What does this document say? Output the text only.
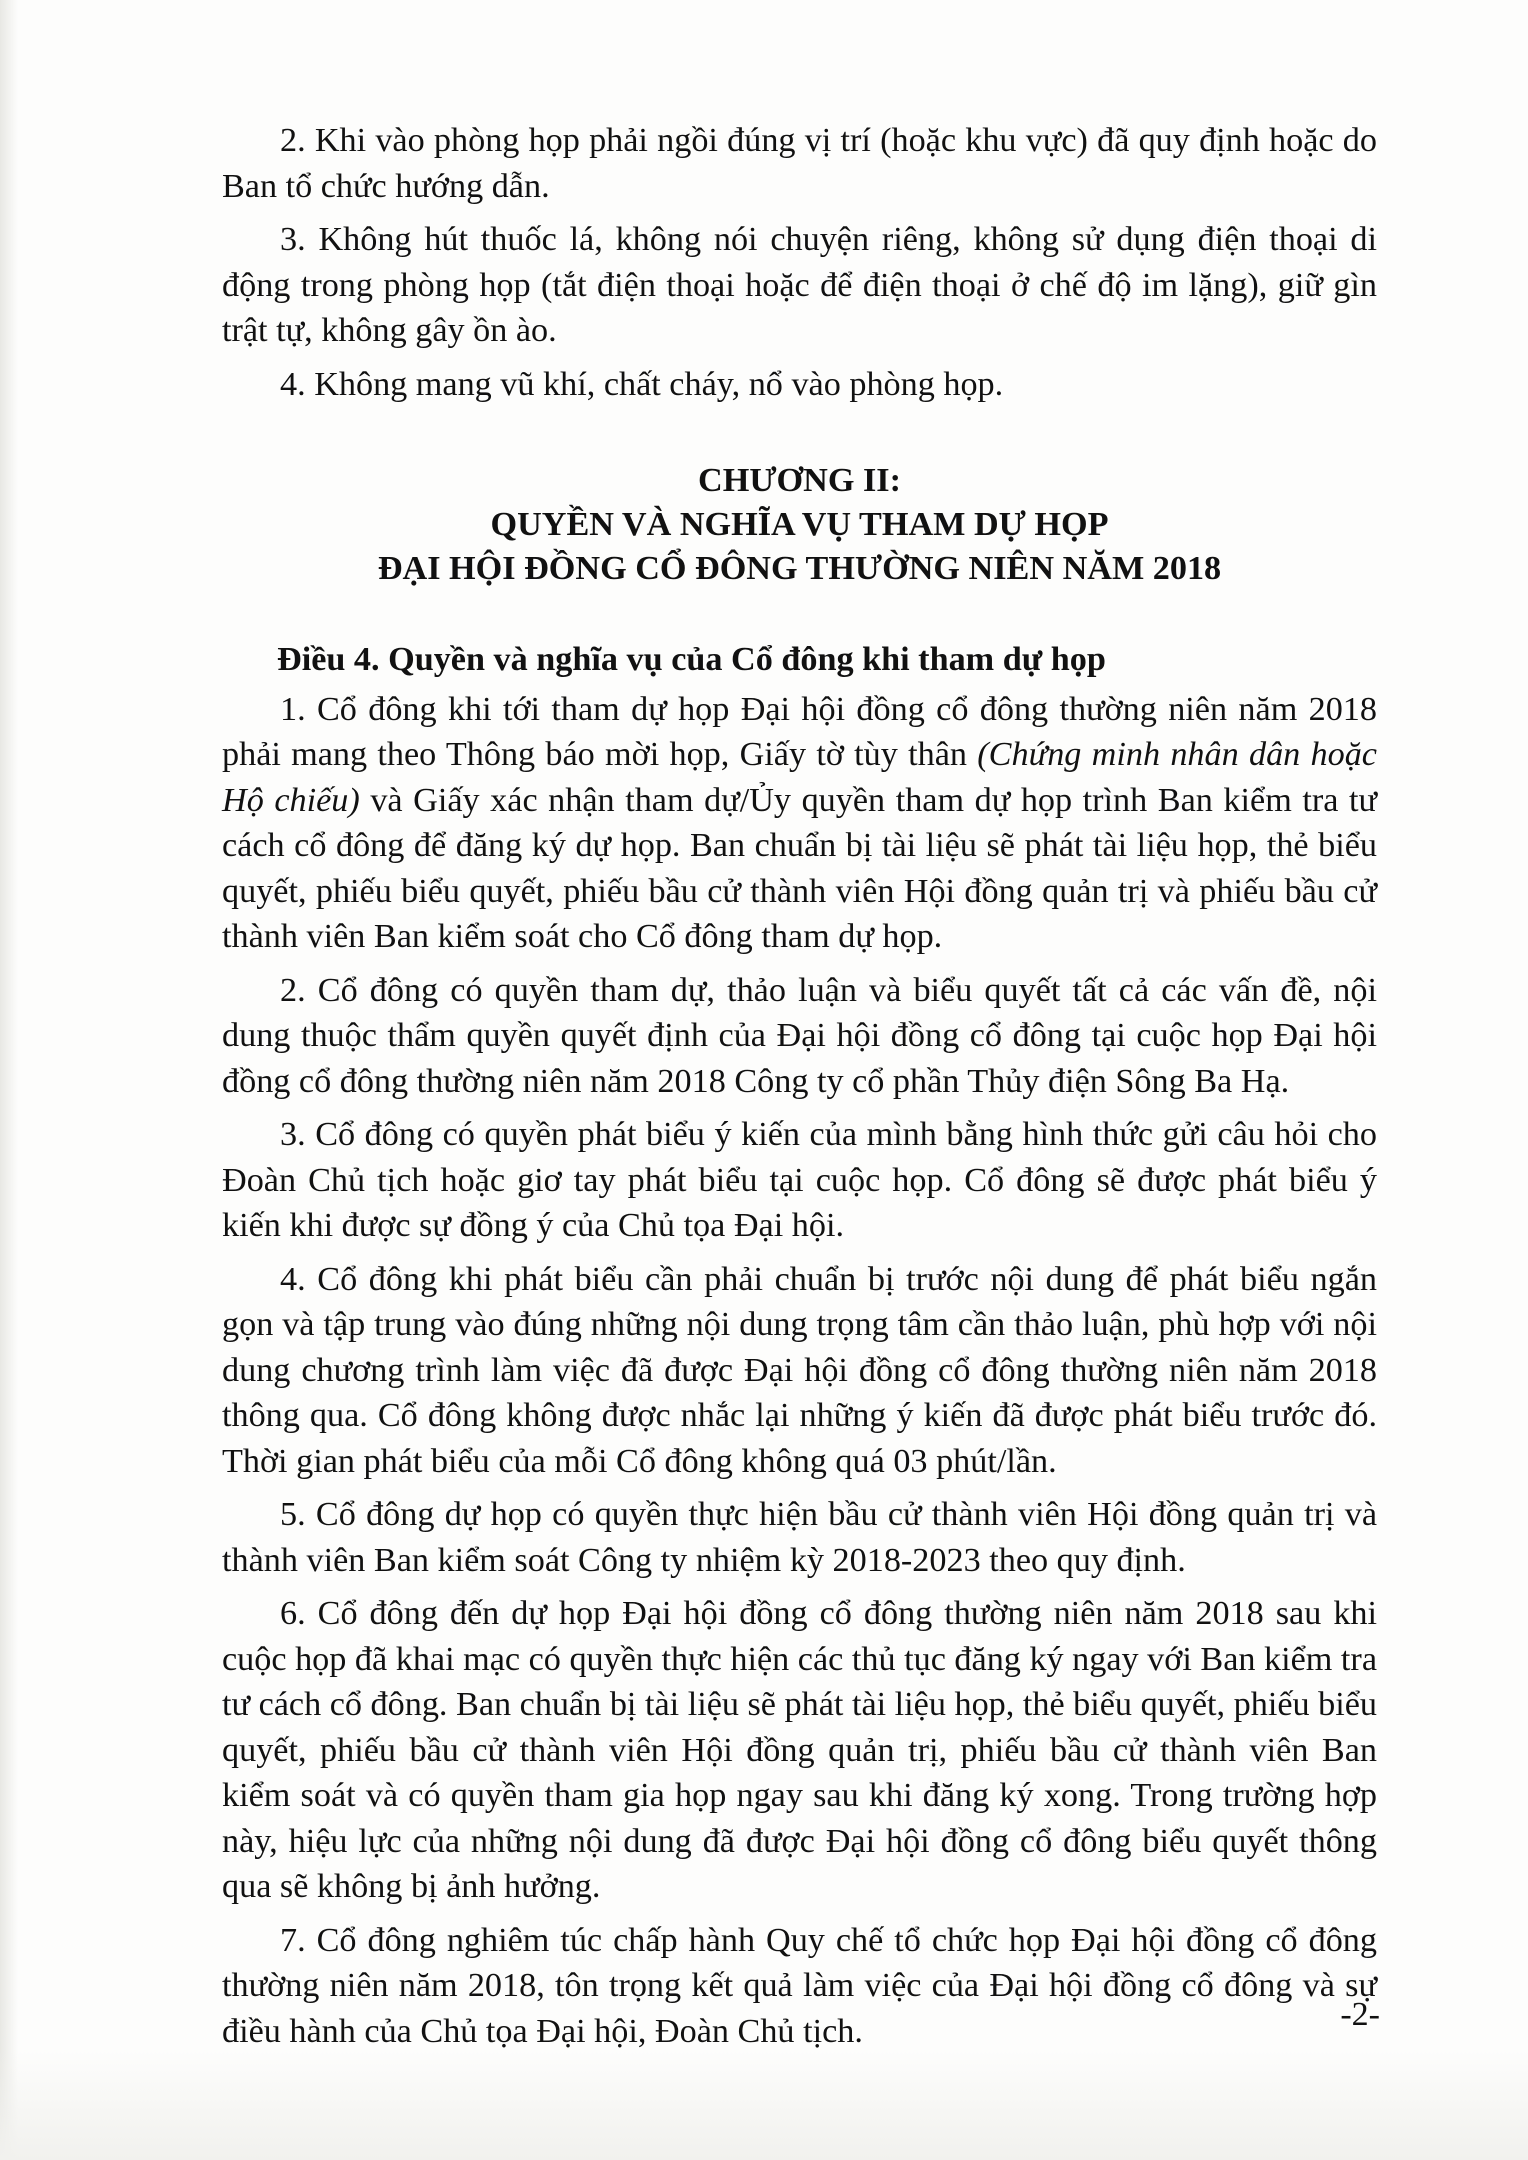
2. Khi vào phòng họp phải ngồi đúng vị trí (hoặc khu vực) đã quy định hoặc do Ban tổ chức hướng dẫn.

3. Không hút thuốc lá, không nói chuyện riêng, không sử dụng điện thoại di động trong phòng họp (tắt điện thoại hoặc để điện thoại ở chế độ im lặng), giữ gìn trật tự, không gây ồn ào.

4. Không mang vũ khí, chất cháy, nổ vào phòng họp.

CHƯƠNG II:
QUYỀN VÀ NGHĨA VỤ THAM DỰ HỌP
ĐẠI HỘI ĐỒNG CỔ ĐÔNG THƯỜNG NIÊN NĂM 2018

Điều 4. Quyền và nghĩa vụ của Cổ đông khi tham dự họp

1. Cổ đông khi tới tham dự họp Đại hội đồng cổ đông thường niên năm 2018 phải mang theo Thông báo mời họp, Giấy tờ tùy thân (Chứng minh nhân dân hoặc Hộ chiếu) và Giấy xác nhận tham dự/Ủy quyền tham dự họp trình Ban kiểm tra tư cách cổ đông để đăng ký dự họp. Ban chuẩn bị tài liệu sẽ phát tài liệu họp, thẻ biểu quyết, phiếu biểu quyết, phiếu bầu cử thành viên Hội đồng quản trị và phiếu bầu cử thành viên Ban kiểm soát cho Cổ đông tham dự họp.

2. Cổ đông có quyền tham dự, thảo luận và biểu quyết tất cả các vấn đề, nội dung thuộc thẩm quyền quyết định của Đại hội đồng cổ đông tại cuộc họp Đại hội đồng cổ đông thường niên năm 2018 Công ty cổ phần Thủy điện Sông Ba Hạ.

3. Cổ đông có quyền phát biểu ý kiến của mình bằng hình thức gửi câu hỏi cho Đoàn Chủ tịch hoặc giơ tay phát biểu tại cuộc họp. Cổ đông sẽ được phát biểu ý kiến khi được sự đồng ý của Chủ tọa Đại hội.

4. Cổ đông khi phát biểu cần phải chuẩn bị trước nội dung để phát biểu ngắn gọn và tập trung vào đúng những nội dung trọng tâm cần thảo luận, phù hợp với nội dung chương trình làm việc đã được Đại hội đồng cổ đông thường niên năm 2018 thông qua. Cổ đông không được nhắc lại những ý kiến đã được phát biểu trước đó. Thời gian phát biểu của mỗi Cổ đông không quá 03 phút/lần.

5. Cổ đông dự họp có quyền thực hiện bầu cử thành viên Hội đồng quản trị và thành viên Ban kiểm soát Công ty nhiệm kỳ 2018-2023 theo quy định.

6. Cổ đông đến dự họp Đại hội đồng cổ đông thường niên năm 2018 sau khi cuộc họp đã khai mạc có quyền thực hiện các thủ tục đăng ký ngay với Ban kiểm tra tư cách cổ đông. Ban chuẩn bị tài liệu sẽ phát tài liệu họp, thẻ biểu quyết, phiếu biểu quyết, phiếu bầu cử thành viên Hội đồng quản trị, phiếu bầu cử thành viên Ban kiểm soát và có quyền tham gia họp ngay sau khi đăng ký xong. Trong trường hợp này, hiệu lực của những nội dung đã được Đại hội đồng cổ đông biểu quyết thông qua sẽ không bị ảnh hưởng.

7. Cổ đông nghiêm túc chấp hành Quy chế tổ chức họp Đại hội đồng cổ đông thường niên năm 2018, tôn trọng kết quả làm việc của Đại hội đồng cổ đông và sự điều hành của Chủ tọa Đại hội, Đoàn Chủ tịch.	-2-
